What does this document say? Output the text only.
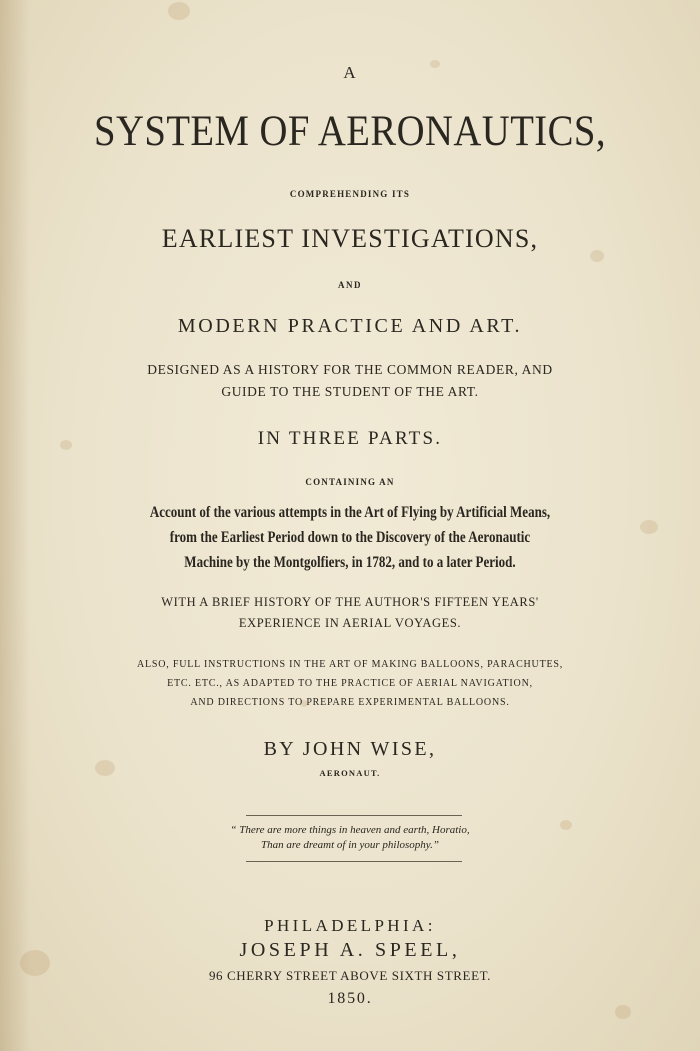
A
SYSTEM OF AERONAUTICS,
COMPREHENDING ITS
EARLIEST INVESTIGATIONS,
AND
MODERN PRACTICE AND ART.
DESIGNED AS A HISTORY FOR THE COMMON READER, AND
GUIDE TO THE STUDENT OF THE ART.
IN THREE PARTS.
CONTAINING AN
Account of the various attempts in the Art of Flying by Artificial Means,
from the Earliest Period down to the Discovery of the Aeronautic
Machine by the Montgolfiers, in 1782, and to a later Period.
WITH A BRIEF HISTORY OF THE AUTHOR'S FIFTEEN YEARS'
EXPERIENCE IN AERIAL VOYAGES.
ALSO, FULL INSTRUCTIONS IN THE ART OF MAKING BALLOONS, PARACHUTES,
ETC. ETC., AS ADAPTED TO THE PRACTICE OF AERIAL NAVIGATION,
AND DIRECTIONS TO PREPARE EXPERIMENTAL BALLOONS.
BY JOHN WISE,
AERONAUT.
“ There are more things in heaven and earth, Horatio,
Than are dreamt of in your philosophy.”
PHILADELPHIA:
JOSEPH A. SPEEL,
96 CHERRY STREET ABOVE SIXTH STREET.
1850.
